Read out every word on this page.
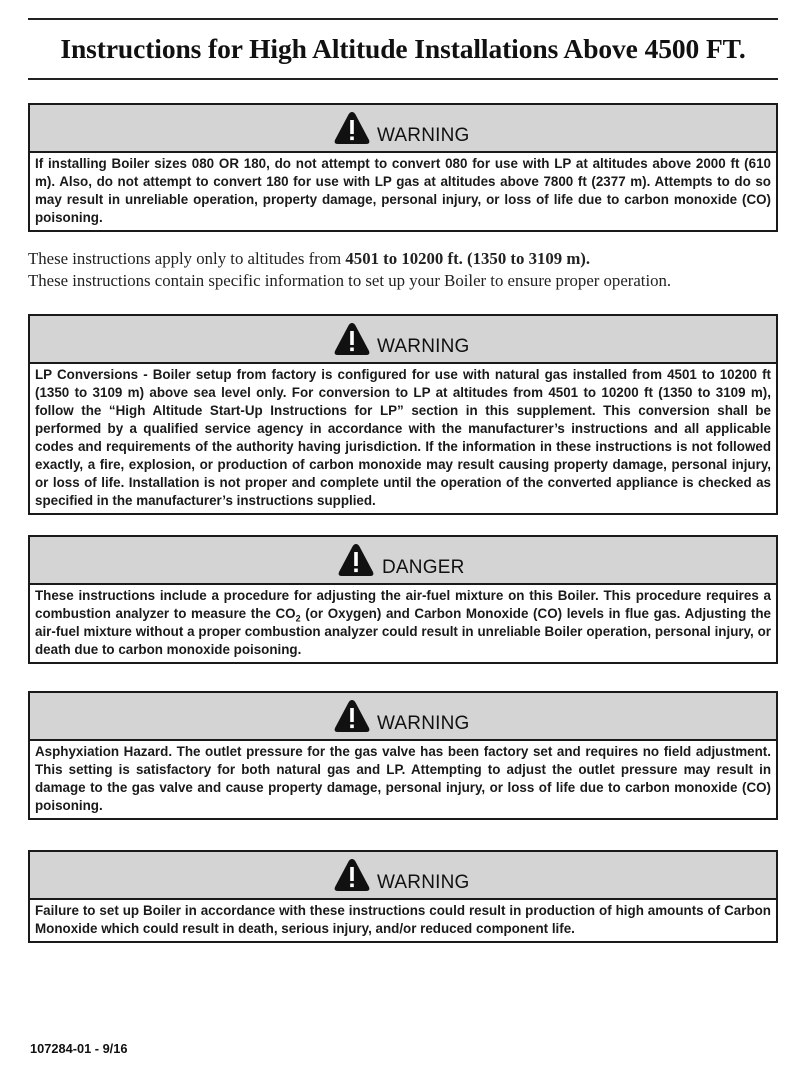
Instructions for High Altitude Installations Above 4500 FT.
WARNING
If installing Boiler sizes 080 OR 180, do not attempt to convert 080 for use with LP at altitudes above 2000 ft (610 m). Also, do not attempt to convert 180 for use with LP gas at altitudes above 7800 ft (2377 m). Attempts to do so may result in unreliable operation, property damage, personal injury, or loss of life due to carbon monoxide (CO) poisoning.
These instructions apply only to altitudes from 4501 to 10200 ft. (1350 to 3109 m).
These instructions contain specific information to set up your Boiler to ensure proper operation.
WARNING
LP Conversions - Boiler setup from factory is configured for use with natural gas installed from 4501 to 10200 ft (1350 to 3109 m) above sea level only. For conversion to LP at altitudes from 4501 to 10200 ft (1350 to 3109 m), follow the “High Altitude Start-Up Instructions for LP” section in this supplement. This conversion shall be performed by a qualified service agency in accordance with the manufacturer’s instructions and all applicable codes and requirements of the authority having jurisdiction. If the information in these instructions is not followed exactly, a fire, explosion, or production of carbon monoxide may result causing property damage, personal injury, or loss of life. Installation is not proper and complete until the operation of the converted appliance is checked as specified in the manufacturer’s instructions supplied.
DANGER
These instructions include a procedure for adjusting the air-fuel mixture on this Boiler. This procedure requires a combustion analyzer to measure the $CO_2$ (or Oxygen) and Carbon Monoxide (CO) levels in flue gas. Adjusting the air-fuel mixture without a proper combustion analyzer could result in unreliable Boiler operation, personal injury, or death due to carbon monoxide poisoning.
WARNING
Asphyxiation Hazard. The outlet pressure for the gas valve has been factory set and requires no field adjustment. This setting is satisfactory for both natural gas and LP. Attempting to adjust the outlet pressure may result in damage to the gas valve and cause property damage, personal injury, or loss of life due to carbon monoxide (CO) poisoning.
WARNING
Failure to set up Boiler in accordance with these instructions could result in production of high amounts of Carbon Monoxide which could result in death, serious injury, and/or reduced component life.
107284-01 - 9/16
